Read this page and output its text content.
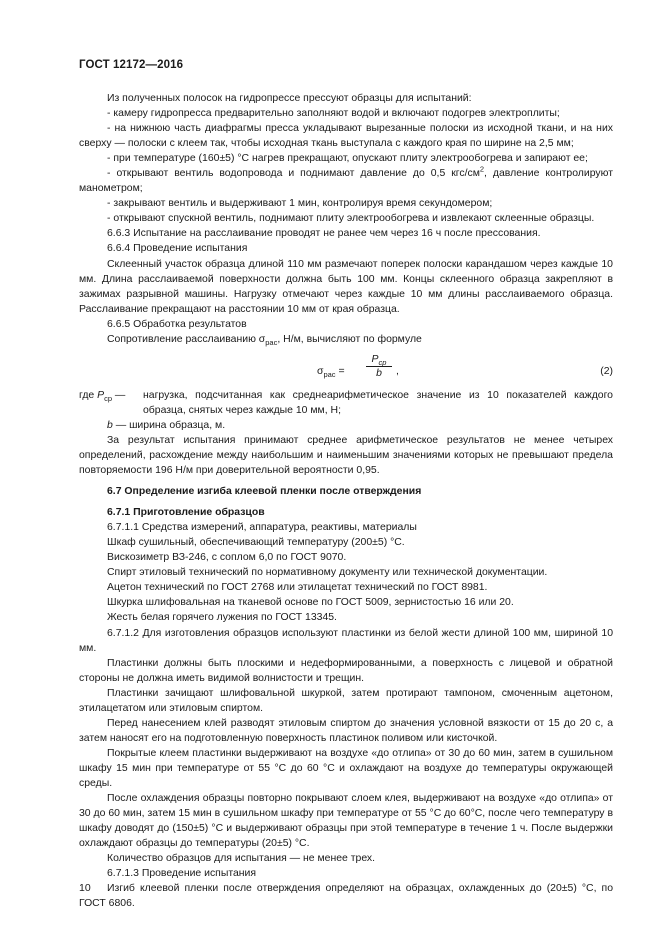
ГОСТ 12172—2016

Из полученных полосок на гидропрессе прессуют образцы для испытаний:

- камеру гидропресса предварительно заполняют водой и включают подогрев электроплиты;

- на нижнюю часть диафрагмы пресса укладывают вырезанные полоски из исходной ткани, и на них сверху — полоски с клеем так, чтобы исходная ткань выступала с каждого края по ширине на 2,5 мм;

- при температуре (160±5) °С нагрев прекращают, опускают плиту электрообогрева и запирают ее;

- открывают вентиль водопровода и поднимают давление до 0,5 кгс/$см^2$, давление контролируют манометром;

- закрывают вентиль и выдерживают 1 мин, контролируя время секундомером;

- открывают спускной вентиль, поднимают плиту электрообогрева и извлекают склеенные образцы.

6.6.3 Испытание на расслаивание проводят не ранее чем через 16 ч после прессования.

6.6.4 Проведение испытания

Склеенный участок образца длиной 110 мм размечают поперек полоски карандашом через каждые 10 мм. Длина расслаиваемой поверхности должна быть 100 мм. Концы склеенного образца закрепляют в зажимах разрывной машины. Нагрузку отмечают через каждые 10 мм длины расслаиваемого образца. Расслаивание прекращают на расстоянии 10 мм от края образца.

6.6.5 Обработка результатов

Сопротивление расслаиванию $\sigma_{рас}$, Н/м, вычисляют по формуле

$\sigma_{рас}$ =
$P_{ср}$
b	,	(2)
где $P_{ср}$ — нагрузка, подсчитанная как среднеарифметическое значение из 10 показателей каждого образца, снятых через каждые 10 мм, Н;

b — ширина образца, м.

За результат испытания принимают среднее арифметическое результатов не менее четырех определений, расхождение между наибольшим и наименьшим значениями которых не превышают предела повторяемости 196 Н/м при доверительной вероятности 0,95.

6.7 Определение изгиба клеевой пленки после отверждения

6.7.1 Приготовление образцов

6.7.1.1 Средства измерений, аппаратура, реактивы, материалы

Шкаф сушильный, обеспечивающий температуру (200±5) °С.

Вискозиметр ВЗ-246, с соплом 6,0 по ГОСТ 9070.

Спирт этиловый технический по нормативному документу или технической документации.

Ацетон технический по ГОСТ 2768 или этилацетат технический по ГОСТ 8981.

Шкурка шлифовальная на тканевой основе по ГОСТ 5009, зернистостью 16 или 20.

Жесть белая горячего лужения по ГОСТ 13345.

6.7.1.2 Для изготовления образцов используют пластинки из белой жести длиной 100 мм, шириной 10 мм.

Пластинки должны быть плоскими и недеформированными, а поверхность с лицевой и обратной стороны не должна иметь видимой волнистости и трещин.

Пластинки зачищают шлифовальной шкуркой, затем протирают тампоном, смоченным ацетоном, этилацетатом или этиловым спиртом.

Перед нанесением клей разводят этиловым спиртом до значения условной вязкости от 15 до 20 с, а затем наносят его на подготовленную поверхность пластинок поливом или кисточкой.

Покрытые клеем пластинки выдерживают на воздухе «до отлипа» от 30 до 60 мин, затем в сушильном шкафу 15 мин при температуре от 55 °С до 60 °С и охлаждают на воздухе до температуры окружающей среды.

После охлаждения образцы повторно покрывают слоем клея, выдерживают на воздухе «до отлипа» от 30 до 60 мин, затем 15 мин в сушильном шкафу при температуре от 55 °С до 60°С, после чего температуру в шкафу доводят до (150±5) °С и выдерживают образцы при этой температуре в течение 1 ч. После выдержки охлаждают образцы до температуры (20±5) °С.

Количество образцов для испытания — не менее трех.

6.7.1.3 Проведение испытания

Изгиб клеевой пленки после отверждения определяют на образцах, охлажденных до (20±5) °С, по ГОСТ 6806.

10
